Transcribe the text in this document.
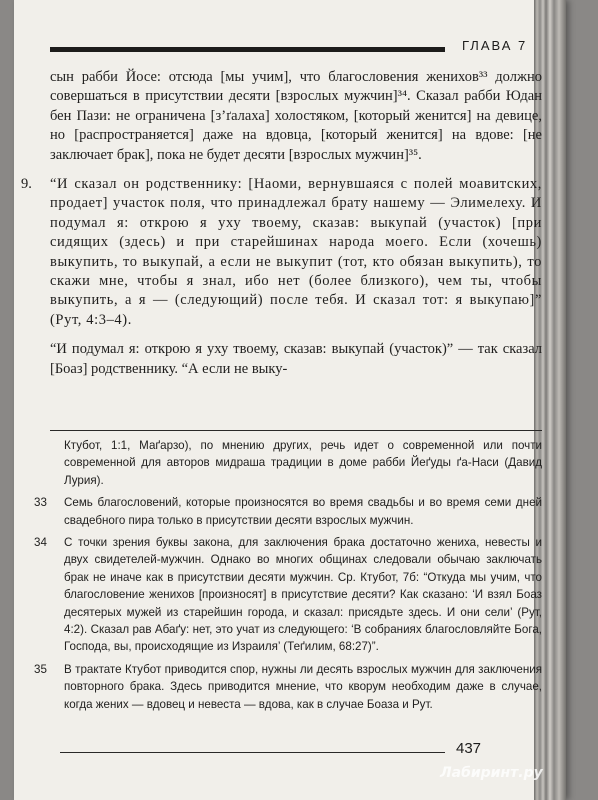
ГЛАВА 7

сын рабби Йосе: отсюда [мы учим], что благословения женихов³³ должно совершаться в присутствии десяти [взрослых мужчин]³⁴. Сказал рабби Юдан бен Пази: не ограничена [з’ґалаха] холостяком, [который женится] на девице, но [распространяется] даже на вдовца, [который женится] на вдове: [не заключает брак], пока не будет десяти [взрослых мужчин]³⁵.

9. “И сказал он родственнику: [Наоми, вернувшаяся с полей моавитских, продает] участок поля, что принадлежал брату нашему — Элимелеху. И подумал я: открою я уху твоему, сказав: выкупай (участок) [при сидящих (здесь) и при старейшинах народа моего. Если (хочешь) выкупить, то выкупай, а если не выкупит (тот, кто обязан выкупить), то скажи мне, чтобы я знал, ибо нет (более близкого), чем ты, чтобы выкупить, а я — (следующий) после тебя. И сказал тот: я выкупаю]” (Рут, 4:3–4).

“И подумал я: открою я уху твоему, сказав: выкупай (участок)” — так сказал [Боаз] родственнику. “А если не выку-

Ктубот, 1:1, Маґарзо), по мнению других, речь идет о современной или почти современной для авторов мидраша традиции в доме рабби Йеґуды ґа-Наси (Давид Лурия).

33 Семь благословений, которые произносятся во время свадьбы и во время семи дней свадебного пира только в присутствии десяти взрослых мужчин.

34 С точки зрения буквы закона, для заключения брака достаточно жениха, невесты и двух свидетелей-мужчин. Однако во многих общинах следовали обычаю заключать брак не иначе как в присутствии десяти мужчин. Ср. Ктубот, 7б: “Откуда мы учим, что благословение женихов [произносят] в присутствие десяти? Как сказано: ‘И взял Боаз десятерых мужей из старейшин города, и сказал: присядьте здесь. И они сели’ (Рут, 4:2). Сказал рав Абаґу: нет, это учат из следующего: ‘В собраниях благословляйте Бога, Господа, вы, происходящие из Израиля’ (Теґилим, 68:27)”.

35 В трактате Ктубот приводится спор, нужны ли десять взрослых мужчин для заключения повторного брака. Здесь приводится мнение, что кворум необходим даже в случае, когда жених — вдовец и невеста — вдова, как в случае Боаза и Рут.

437
Лабиринт.ру
